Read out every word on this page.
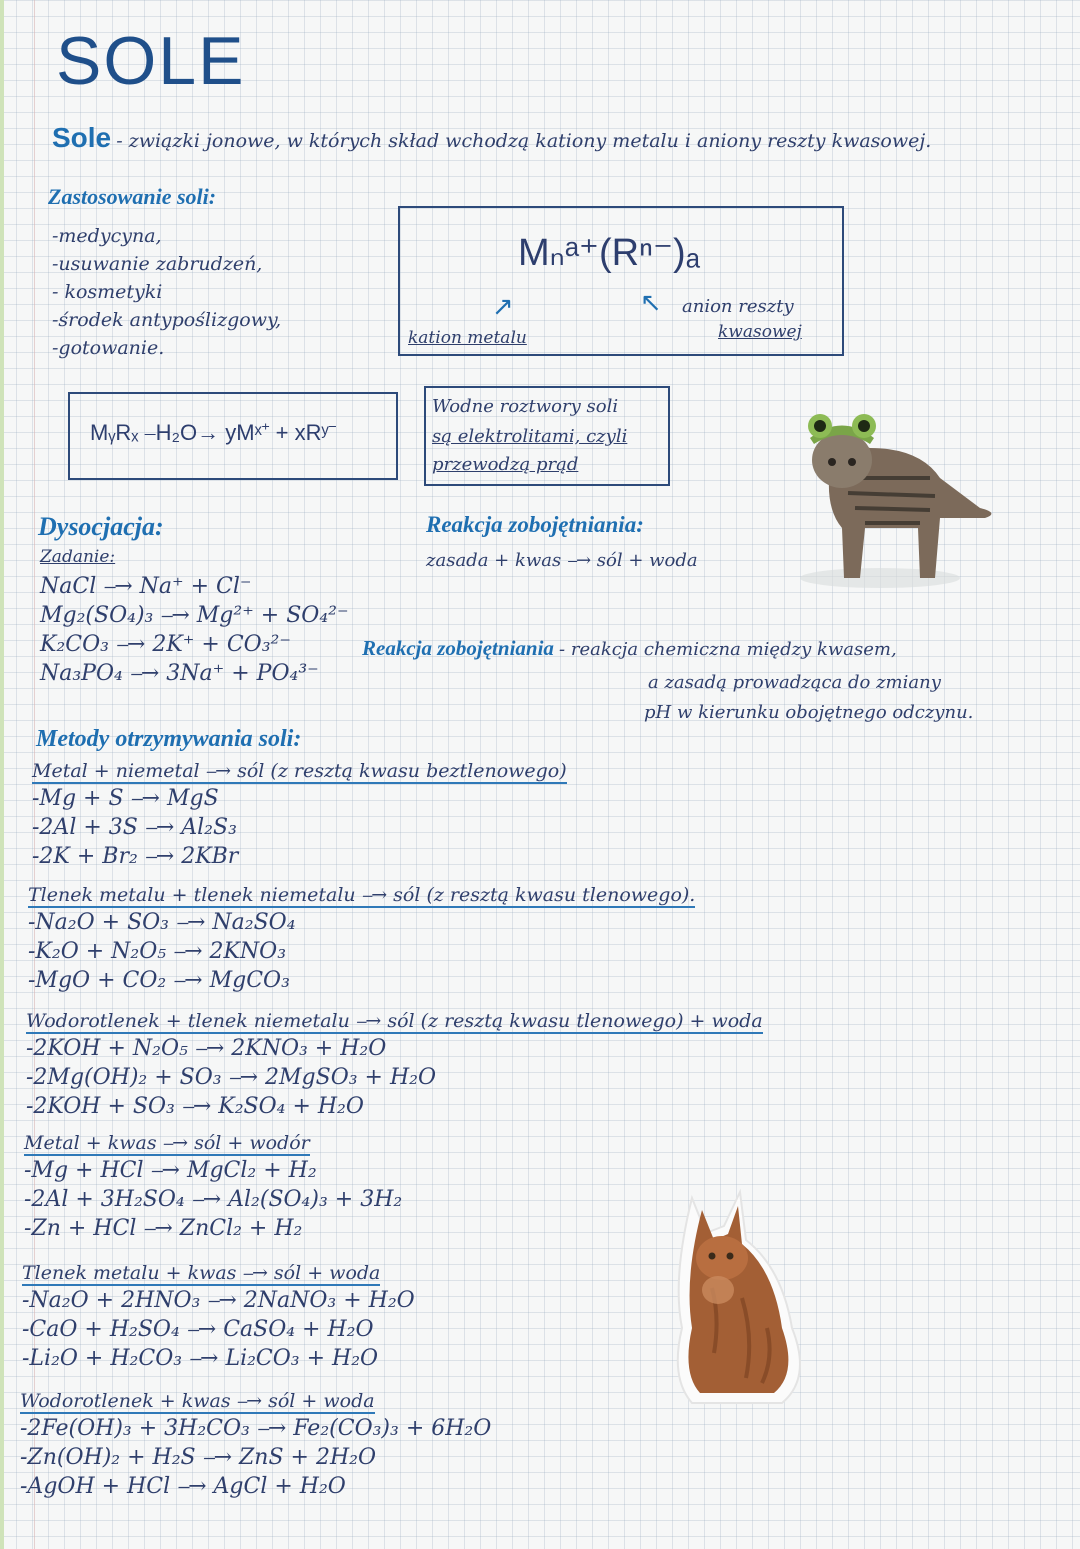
SOLE
Sole - związki jonowe, w których skład wchodzą kationy metalu i aniony reszty kwasowej.
Zastosowanie soli:
-medycyna,
-usuwanie zabrudzeń,
- kosmetyki
-środek antypoślizgowy,
-gotowanie.
Mₙᵃ⁺(Rⁿ⁻)ₐ
↗	↖
kation metalu
anion reszty
kwasowej
MᵧRₓ ⎯H₂O→ yMˣ⁺ + xRʸ⁻
Wodne roztwory soli
są elektrolitami, czyli
przewodzą prąd
Dysocjacja:
Zadanie:
NaCl ⎯→ Na⁺ + Cl⁻
Mg₂(SO₄)₃ ⎯→ Mg²⁺ + SO₄²⁻
K₂CO₃ ⎯→ 2K⁺ + CO₃²⁻
Na₃PO₄ ⎯→ 3Na⁺ + PO₄³⁻
Reakcja zobojętniania:
zasada + kwas ⎯→ sól + woda
Reakcja zobojętniania - reakcja chemiczna między kwasem,
a zasadą prowadząca do zmiany
pH w kierunku obojętnego odczynu.
Metody otrzymywania soli:
Metal + niemetal ⎯→ sól (z resztą kwasu beztlenowego)
-Mg + S ⎯→ MgS
-2Al + 3S ⎯→ Al₂S₃
-2K + Br₂ ⎯→ 2KBr
Tlenek metalu + tlenek niemetalu ⎯→ sól (z resztą kwasu tlenowego).
-Na₂O + SO₃ ⎯→ Na₂SO₄
-K₂O + N₂O₅ ⎯→ 2KNO₃
-MgO + CO₂ ⎯→ MgCO₃
Wodorotlenek + tlenek niemetalu ⎯→ sól (z resztą kwasu tlenowego) + woda
-2KOH + N₂O₅ ⎯→ 2KNO₃ + H₂O
-2Mg(OH)₂ + SO₃ ⎯→ 2MgSO₃ + H₂O
-2KOH + SO₃ ⎯→ K₂SO₄ + H₂O
Metal + kwas ⎯→ sól + wodór
-Mg + HCl ⎯→ MgCl₂ + H₂
-2Al + 3H₂SO₄ ⎯→ Al₂(SO₄)₃ + 3H₂
-Zn + HCl ⎯→ ZnCl₂ + H₂
Tlenek metalu + kwas ⎯→ sól + woda
-Na₂O + 2HNO₃ ⎯→ 2NaNO₃ + H₂O
-CaO + H₂SO₄ ⎯→ CaSO₄ + H₂O
-Li₂O + H₂CO₃ ⎯→ Li₂CO₃ + H₂O
Wodorotlenek + kwas ⎯→ sól + woda
-2Fe(OH)₃ + 3H₂CO₃ ⎯→ Fe₂(CO₃)₃ + 6H₂O
-Zn(OH)₂ + H₂S ⎯→ ZnS + 2H₂O
-AgOH + HCl ⎯→ AgCl + H₂O
